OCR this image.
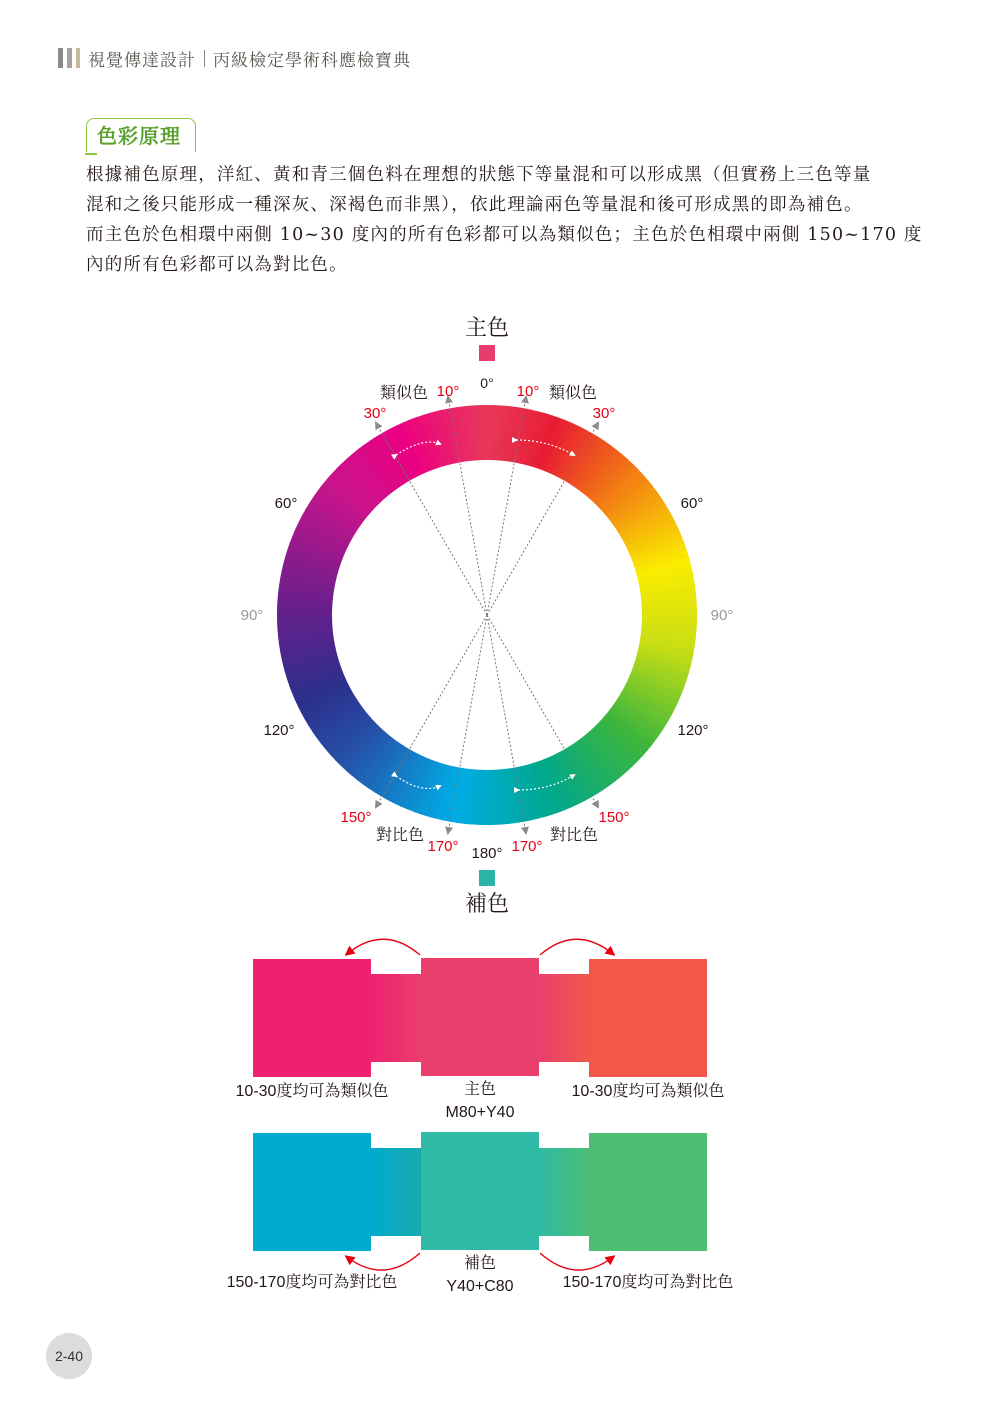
視覺傳達設計 丙級檢定學術科應檢寶典
色彩原理

根據補色原理，洋紅、黃和青三個色料在理想的狀態下等量混和可以形成黑（但實務上三色等量

混和之後只能形成一種深灰、深褐色而非黑），依此理論兩色等量混和後可形成黑的即為補色。

而主色於色相環中兩側 10~30 度內的所有色彩都可以為類似色；主色於色相環中兩側 150~170 度

內的所有色彩都可以為對比色。

主色
0°
類似色	類似色
10°	10°
30°	30°
60°	60°
90°	90°
120°	120°
150°	150°
對比色	對比色
170°	170°
180°
補色
10-30度均可為類似色	主色
M80+Y40
10-30度均可為類似色
150-170度均可為對比色
補色
Y40+C80	150-170度均可為對比色
2-40
